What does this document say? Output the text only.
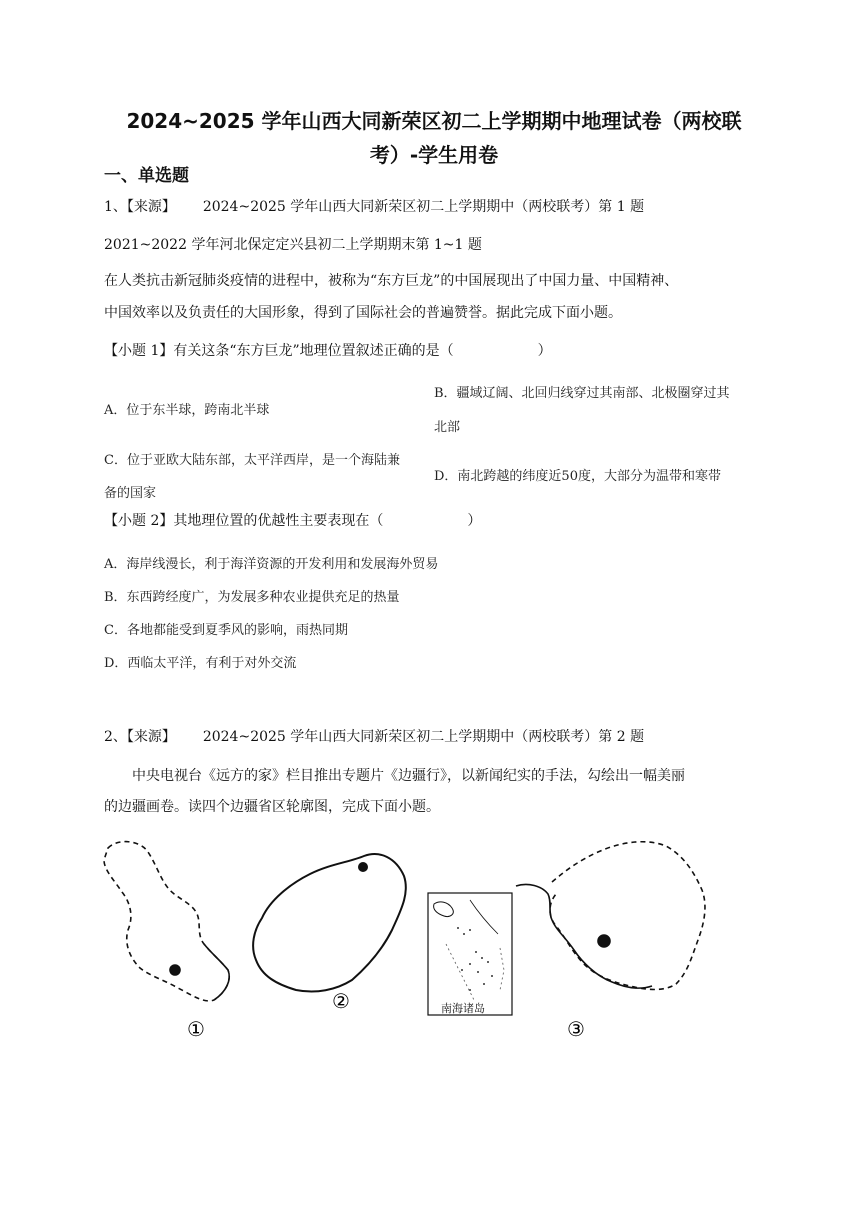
2024~2025 学年山西大同新荣区初二上学期期中地理试卷（两校联
考）-学生用卷
一、单选题
1、【来源】 2024~2025 学年山西大同新荣区初二上学期期中（两校联考）第 1 题
2021~2022 学年河北保定定兴县初二上学期期末第 1~1 题
在人类抗击新冠肺炎疫情的进程中，被称为“东方巨龙”的中国展现出了中国力量、中国精神、
中国效率以及负责任的大国形象，得到了国际社会的普遍赞誉。据此完成下面小题。
【小题 1】有关这条“东方巨龙”地理位置叙述正确的是（	）
A．位于东半球，跨南北半球
B．疆域辽阔、北回归线穿过其南部、北极圈穿过其
北部
C．位于亚欧大陆东部，太平洋西岸，是一个海陆兼
备的国家
D．南北跨越的纬度近50度，大部分为温带和寒带
【小题 2】其地理位置的优越性主要表现在（	）
A．海岸线漫长，利于海洋资源的开发利用和发展海外贸易
B．东西跨经度广，为发展多种农业提供充足的热量
C．各地都能受到夏季风的影响，雨热同期
D．西临太平洋，有利于对外交流
2、【来源】 2024~2025 学年山西大同新荣区初二上学期期中（两校联考）第 2 题
中央电视台《远方的家》栏目推出专题片《边疆行》，以新闻纪实的手法，勾绘出一幅美丽
的边疆画卷。读四个边疆省区轮廓图，完成下面小题。
南海诸岛
①
②
③
